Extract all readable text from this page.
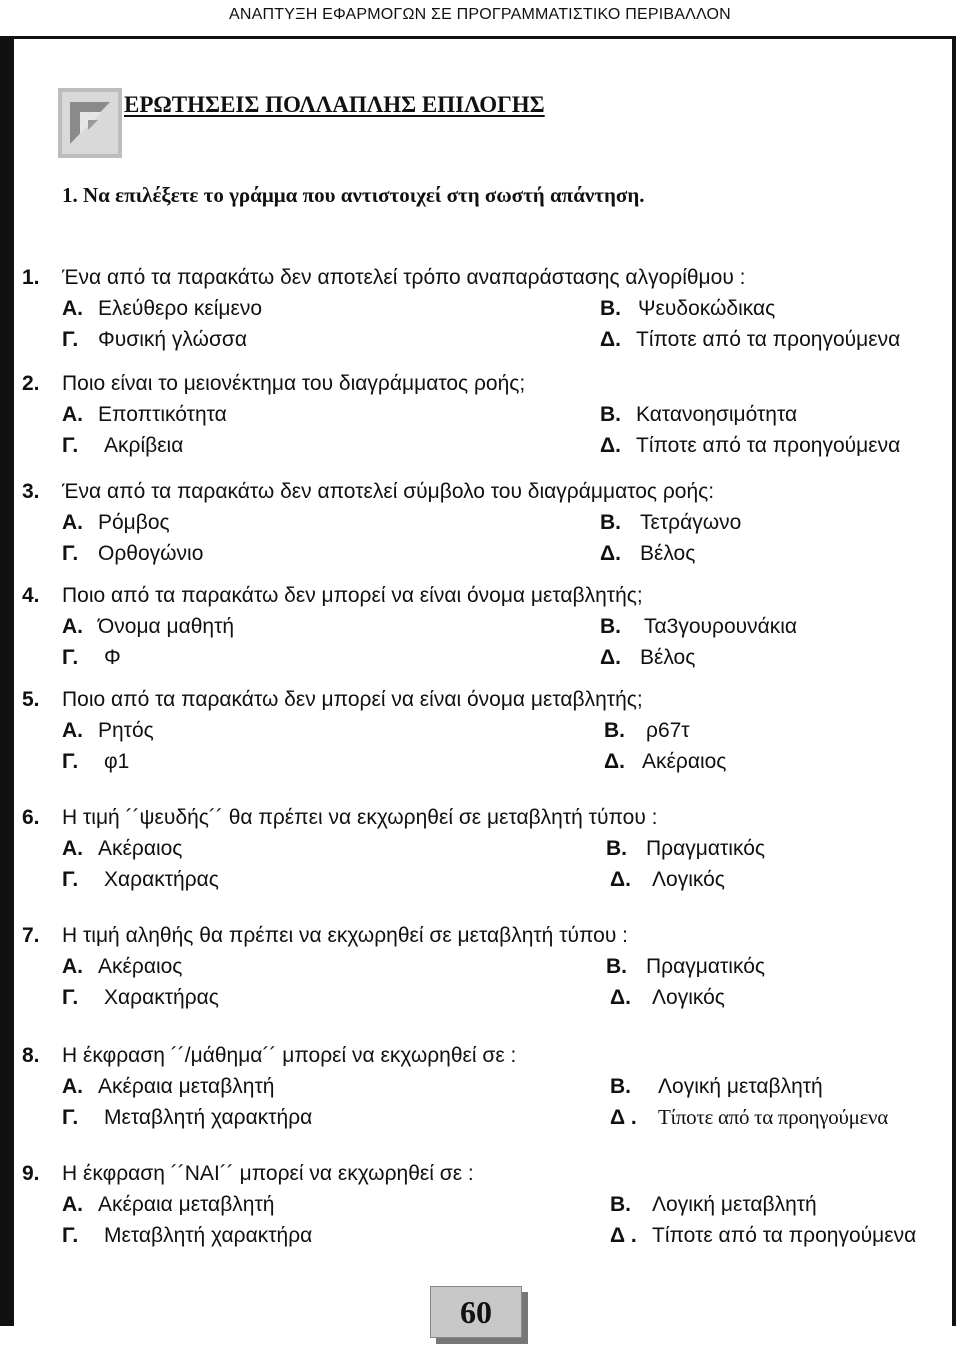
ΑΝΑΠΤΥΞΗ ΕΦΑΡΜΟΓΩΝ ΣΕ ΠΡΟΓΡΑΜΜΑΤΙΣΤΙΚΟ ΠΕΡΙΒΑΛΛΟΝ
ΕΡΩΤΗΣΕΙΣ ΠΟΛΛΑΠΛΗΣ ΕΠΙΛΟΓΗΣ
1. Να επιλέξετε το γράμμα που αντιστοιχεί στη σωστή απάντηση.
1. Ένα από τα παρακάτω δεν αποτελεί τρόπο αναπαράστασης αλγορίθμου :
Α. Ελεύθερο κείμενο	Β. Ψευδοκώδικας
Γ. Φυσική γλώσσα	Δ. Τίποτε από τα προηγούμενα
2. Ποιο είναι το μειονέκτημα του διαγράμματος ροής;
Α. Εποπτικότητα	Β. Κατανοησιμότητα
Γ. Ακρίβεια	Δ. Τίποτε από τα προηγούμενα
3. Ένα από τα παρακάτω δεν αποτελεί σύμβολο του διαγράμματος ροής:
Α. Ρόμβος	Β. Τετράγωνο
Γ. Ορθογώνιο	Δ. Βέλος
4. Ποιο από τα παρακάτω δεν μπορεί να είναι όνομα μεταβλητής;
Α. Όνομα μαθητή	Β. Τα3γουρουνάκια
Γ. Φ	Δ. Βέλος
5. Ποιο από τα παρακάτω δεν μπορεί να είναι όνομα μεταβλητής;
Α. Ρητός	Β. ρ67τ
Γ. φ1	Δ. Ακέραιος
6. Η τιμή ´´ψευδής´´ θα πρέπει να εκχωρηθεί σε μεταβλητή τύπου :
Α. Ακέραιος	Β. Πραγματικός
Γ. Χαρακτήρας	Δ. Λογικός
7. Η τιμή αληθής θα πρέπει να εκχωρηθεί σε μεταβλητή τύπου :
Α. Ακέραιος	Β. Πραγματικός
Γ. Χαρακτήρας	Δ. Λογικός
8. Η έκφραση ´´/μάθημα´´ μπορεί να εκχωρηθεί σε :
Α. Ακέραια μεταβλητή	Β. Λογική μεταβλητή
Γ. Μεταβλητή χαρακτήρα	Δ . Τίποτε από τα προηγούμενα
9. Η έκφραση ´´ΝΑΙ´´ μπορεί να εκχωρηθεί σε :
Α. Ακέραια μεταβλητή	Β. Λογική μεταβλητή
Γ. Μεταβλητή χαρακτήρα	Δ . Τίποτε από τα προηγούμενα
60
